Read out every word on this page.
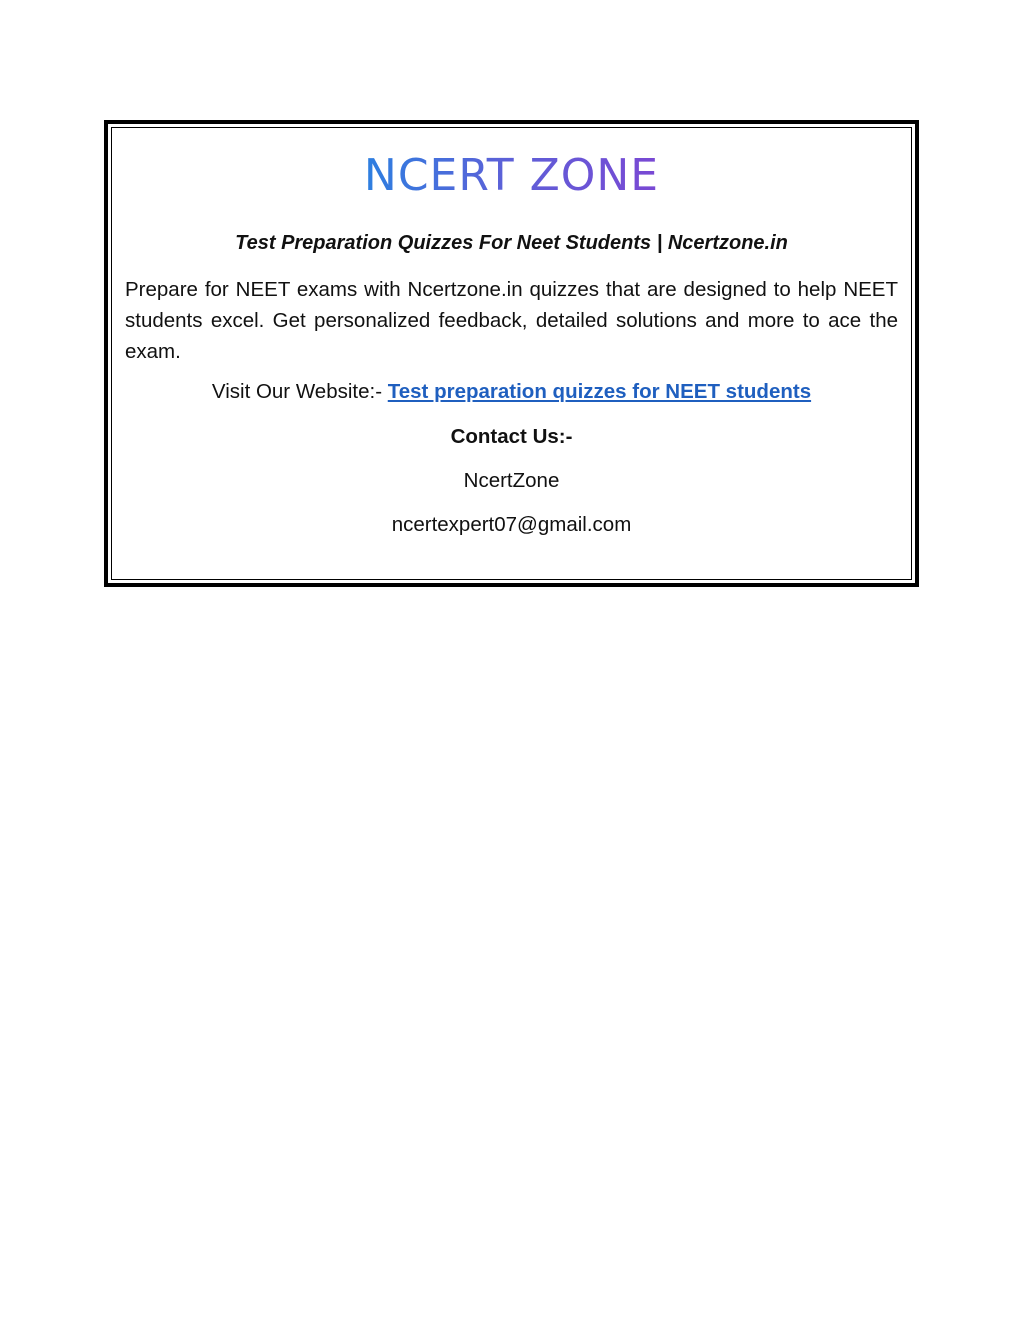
NCERT ZONE
Test Preparation Quizzes For Neet Students | Ncertzone.in
Prepare for NEET exams with Ncertzone.in quizzes that are designed to help NEET students excel. Get personalized feedback, detailed solutions and more to ace the exam.
Visit Our Website:- Test preparation quizzes for NEET students
Contact Us:-
NcertZone
ncertexpert07@gmail.com
